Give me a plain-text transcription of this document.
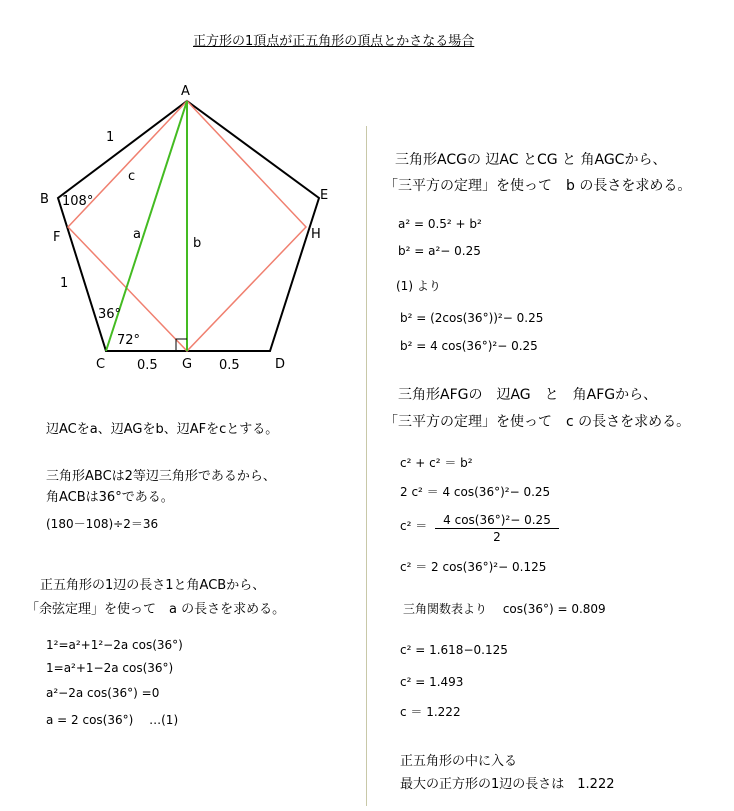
正方形の1頂点が正五角形の頂点とかさなる場合
A
B
C	D
E
F
G
H
1
1
108°
36°
72°
0.5	0.5
a
b
c
辺ACをa、辺AGをb、辺AFをcとする。
三角形ABCは2等辺三角形であるから、
角ACBは36°である。
(180－108)÷2＝36
正五角形の1辺の長さ1と角ACBから、
「余弦定理」を使って　a の長さを求める。
1²=a²+1²−2a cos(36°)
1=a²+1−2a cos(36°)
a²−2a cos(36°) =0
a = 2 cos(36°)　 …(1)
三角形ACGの 辺AC とCG と 角AGCから、
「三平方の定理」を使って　b の長さを求める。
a² = 0.5² + b²
b² = a²− 0.25
(1) より
b² = (2cos(36°))²− 0.25
b² = 4 cos(36°)²− 0.25
三角形AFGの　辺AG　と　角AFGから、
「三平方の定理」を使って　c の長さを求める。
c² + c² ＝ b²
2 c² ＝ 4 cos(36°)²− 0.25
$c^2 = \frac{\text{4 cos(36°)²− 0.25}}{2}$
c² ＝ 2 cos(36°)²− 0.125
三角関数表より　 cos(36°) = 0.809
c² = 1.618−0.125
c² = 1.493
c ＝ 1.222
正五角形の中に入る
最大の正方形の1辺の長さは　1.222
